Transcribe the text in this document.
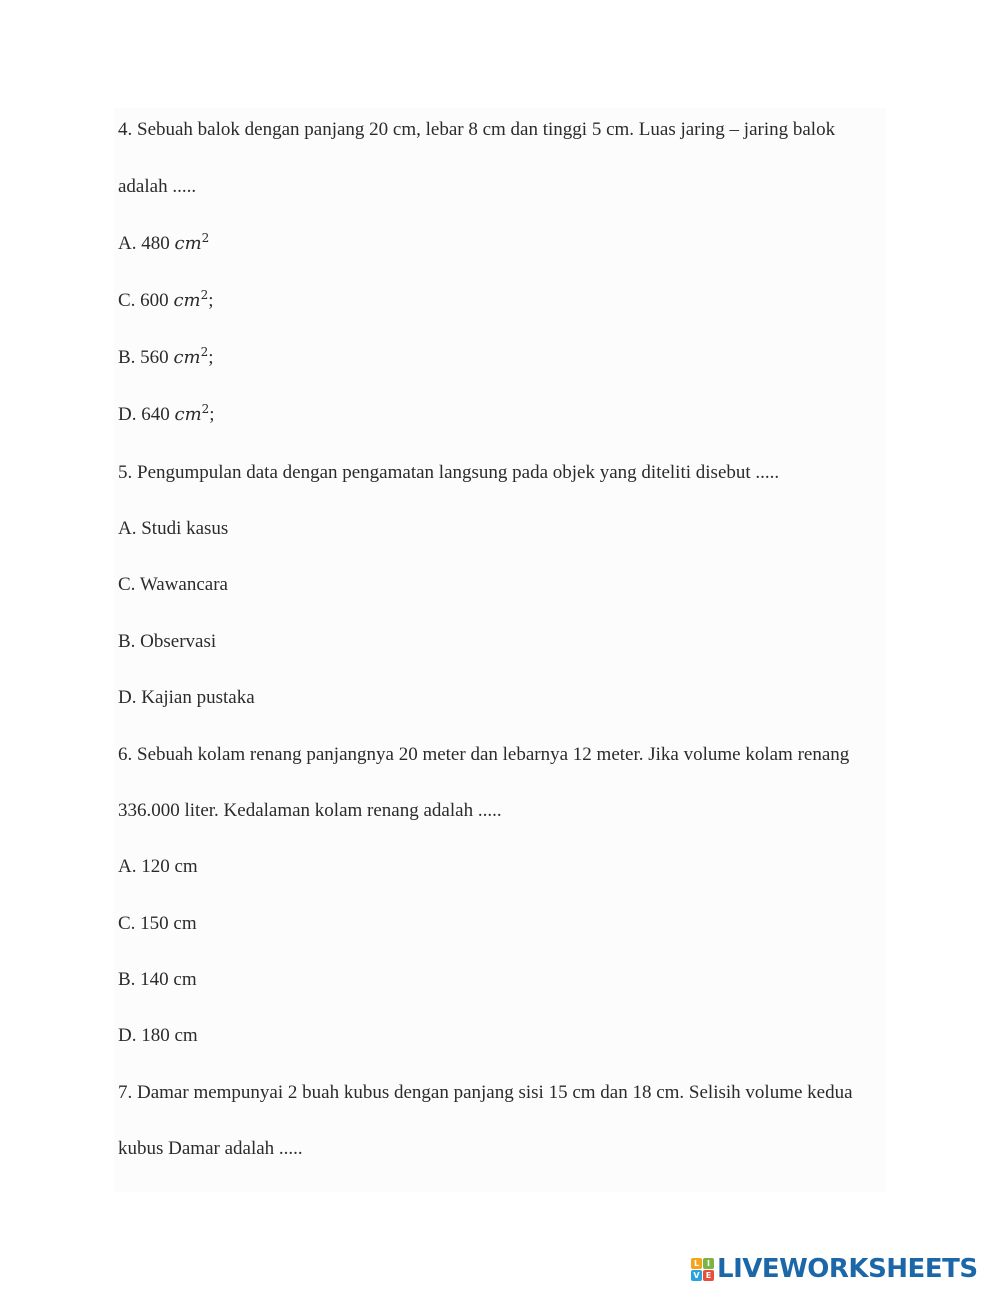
4. Sebuah balok dengan panjang 20 cm, lebar 8 cm dan tinggi 5 cm. Luas jaring – jaring balok
adalah .....
A. 480 $cm^2$
C. 600 $cm^2$;
B. 560 $cm^2$;
D. 640 $cm^2$;
5. Pengumpulan data dengan pengamatan langsung pada objek yang diteliti disebut .....
A. Studi kasus
C. Wawancara
B. Observasi
D. Kajian pustaka
6. Sebuah kolam renang panjangnya 20 meter dan lebarnya 12 meter. Jika volume kolam renang
336.000 liter. Kedalaman kolam renang adalah .....
A. 120 cm
C. 150 cm
B. 140 cm
D. 180 cm
7. Damar mempunyai 2 buah kubus dengan panjang sisi 15 cm dan 18 cm. Selisih volume kedua
kubus Damar adalah .....
L I
V E LIVEWORKSHEETS
